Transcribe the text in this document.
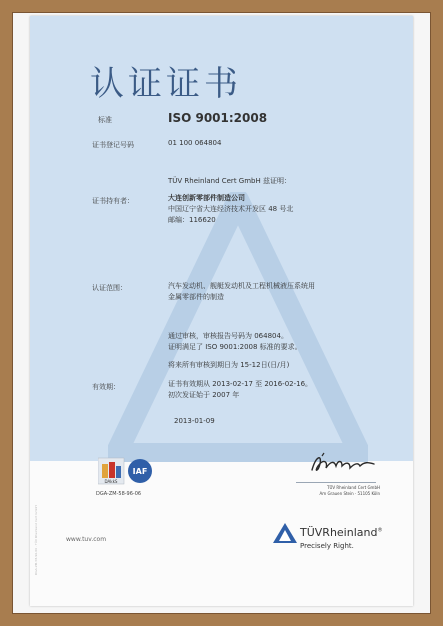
DGA-ZM-58-96-06 · TÜV Rheinland Cert GmbH
认证证书
标准	ISO 9001:2008
证书登记号码	01 100 064804
TÜV Rheinland Cert GmbH 兹证明：
证书持有者：	大连创新零部件制造公司
中国辽宁省大连经济技术开发区 48 号北
邮编：116620
认证范围：	汽车发动机、舰艇发动机及工程机械液压系统用
金属零部件的制造
通过审核，审核报告号码为 064804。
证明满足了 ISO 9001:2008 标准的要求。
将来所有审核到期日为 15-12日(日/月)
有效期：	证书有效期从 2013-02-17 至 2016-02-16。
初次发证始于 2007 年
2013-01-09
TÜV Rheinland Cert GmbH
Am Grauen Stein · 51105 Köln
DAkkS
IAF
DGA-ZM-58-96-06
www.tuv.com
TÜVRheinland®
Precisely Right.
